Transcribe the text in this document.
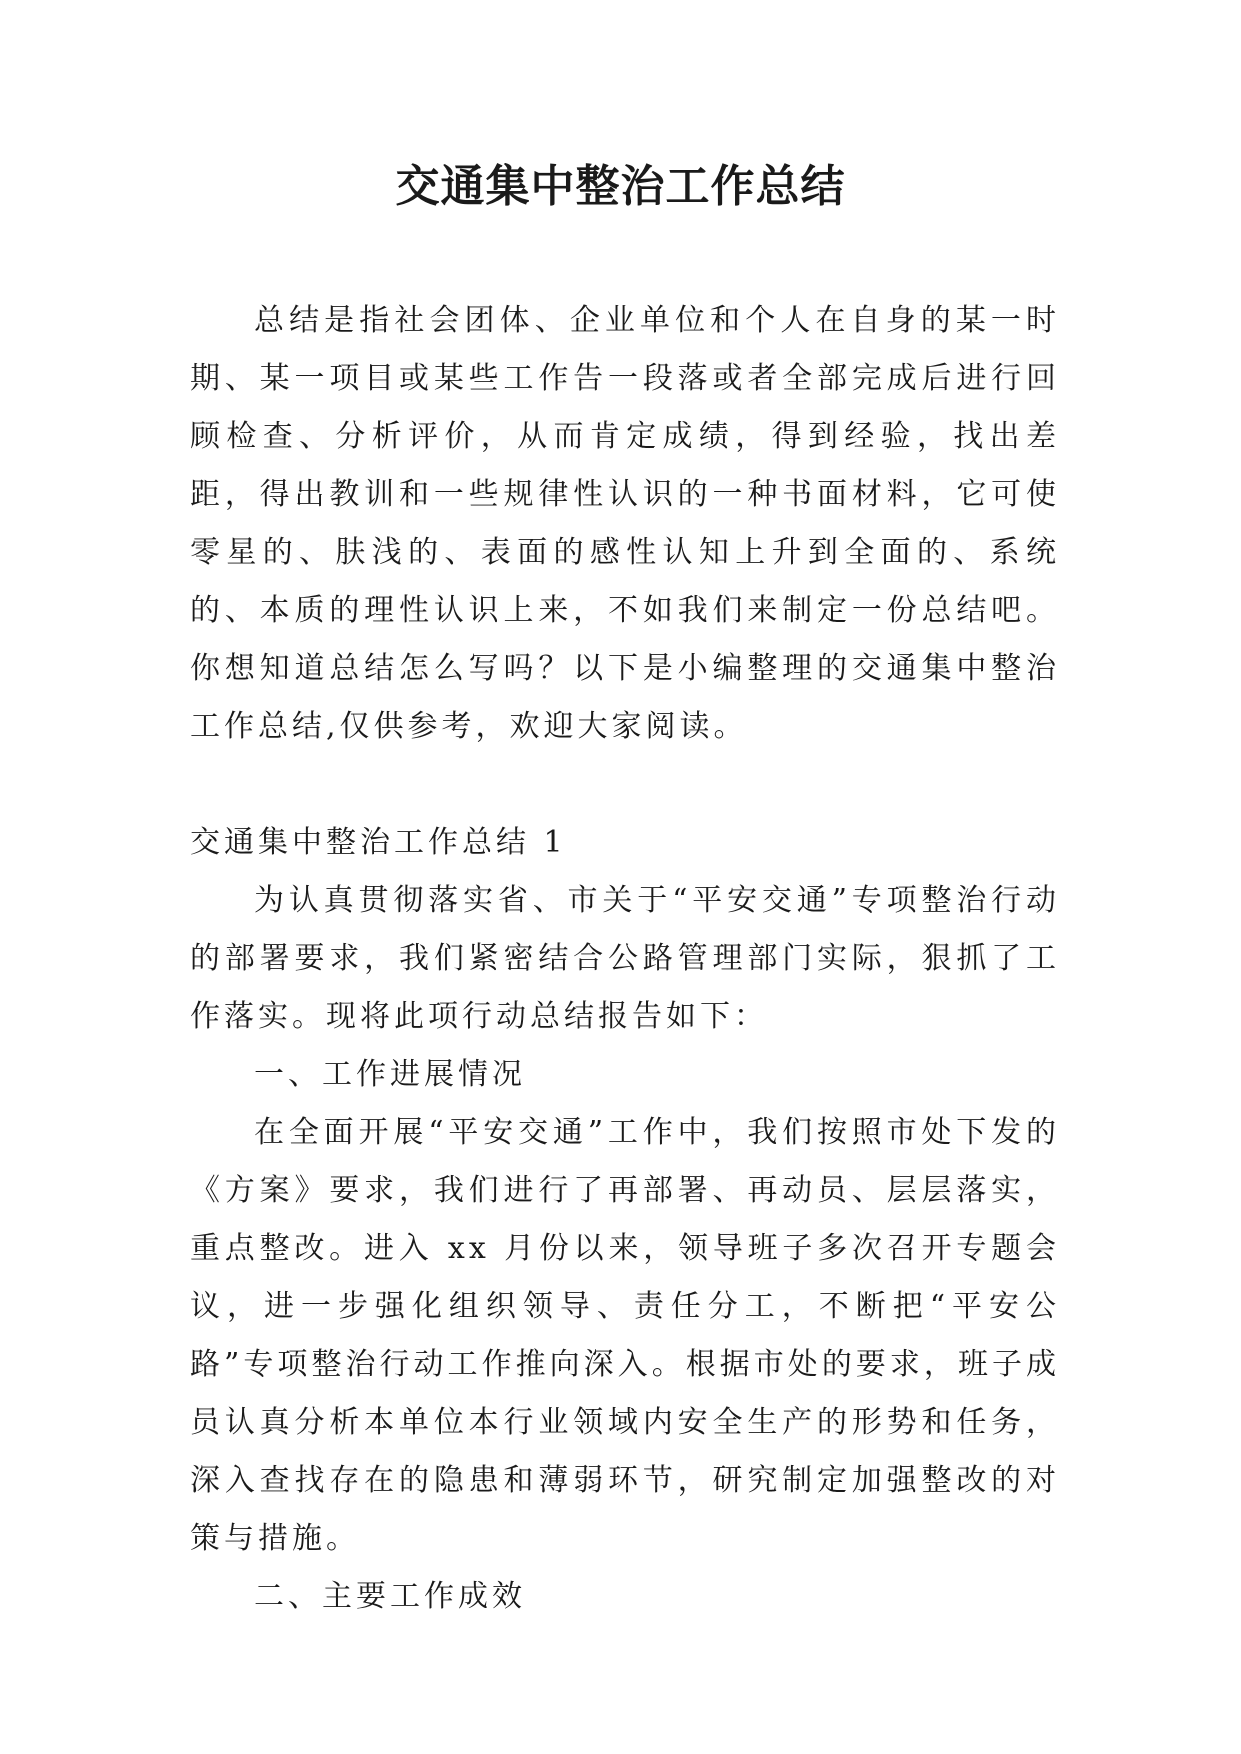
交通集中整治工作总结

总结是指社会团体、企业单位和个人在自身的某一时期、某一项目或某些工作告一段落或者全部完成后进行回顾检查、分析评价，从而肯定成绩，得到经验，找出差距，得出教训和一些规律性认识的一种书面材料，它可使零星的、肤浅的、表面的感性认知上升到全面的、系统的、本质的理性认识上来，不如我们来制定一份总结吧。你想知道总结怎么写吗？以下是小编整理的交通集中整治工作总结,仅供参考，欢迎大家阅读。

交通集中整治工作总结 1

为认真贯彻落实省、市关于“平安交通”专项整治行动的部署要求，我们紧密结合公路管理部门实际，狠抓了工作落实。现将此项行动总结报告如下：

一、工作进展情况

在全面开展“平安交通”工作中，我们按照市处下发的《方案》要求，我们进行了再部署、再动员、层层落实，重点整改。进入 xx 月份以来，领导班子多次召开专题会议，进一步强化组织领导、责任分工，不断把“平安公路”专项整治行动工作推向深入。根据市处的要求，班子成员认真分析本单位本行业领域内安全生产的形势和任务，深入查找存在的隐患和薄弱环节，研究制定加强整改的对策与措施。

二、主要工作成效
